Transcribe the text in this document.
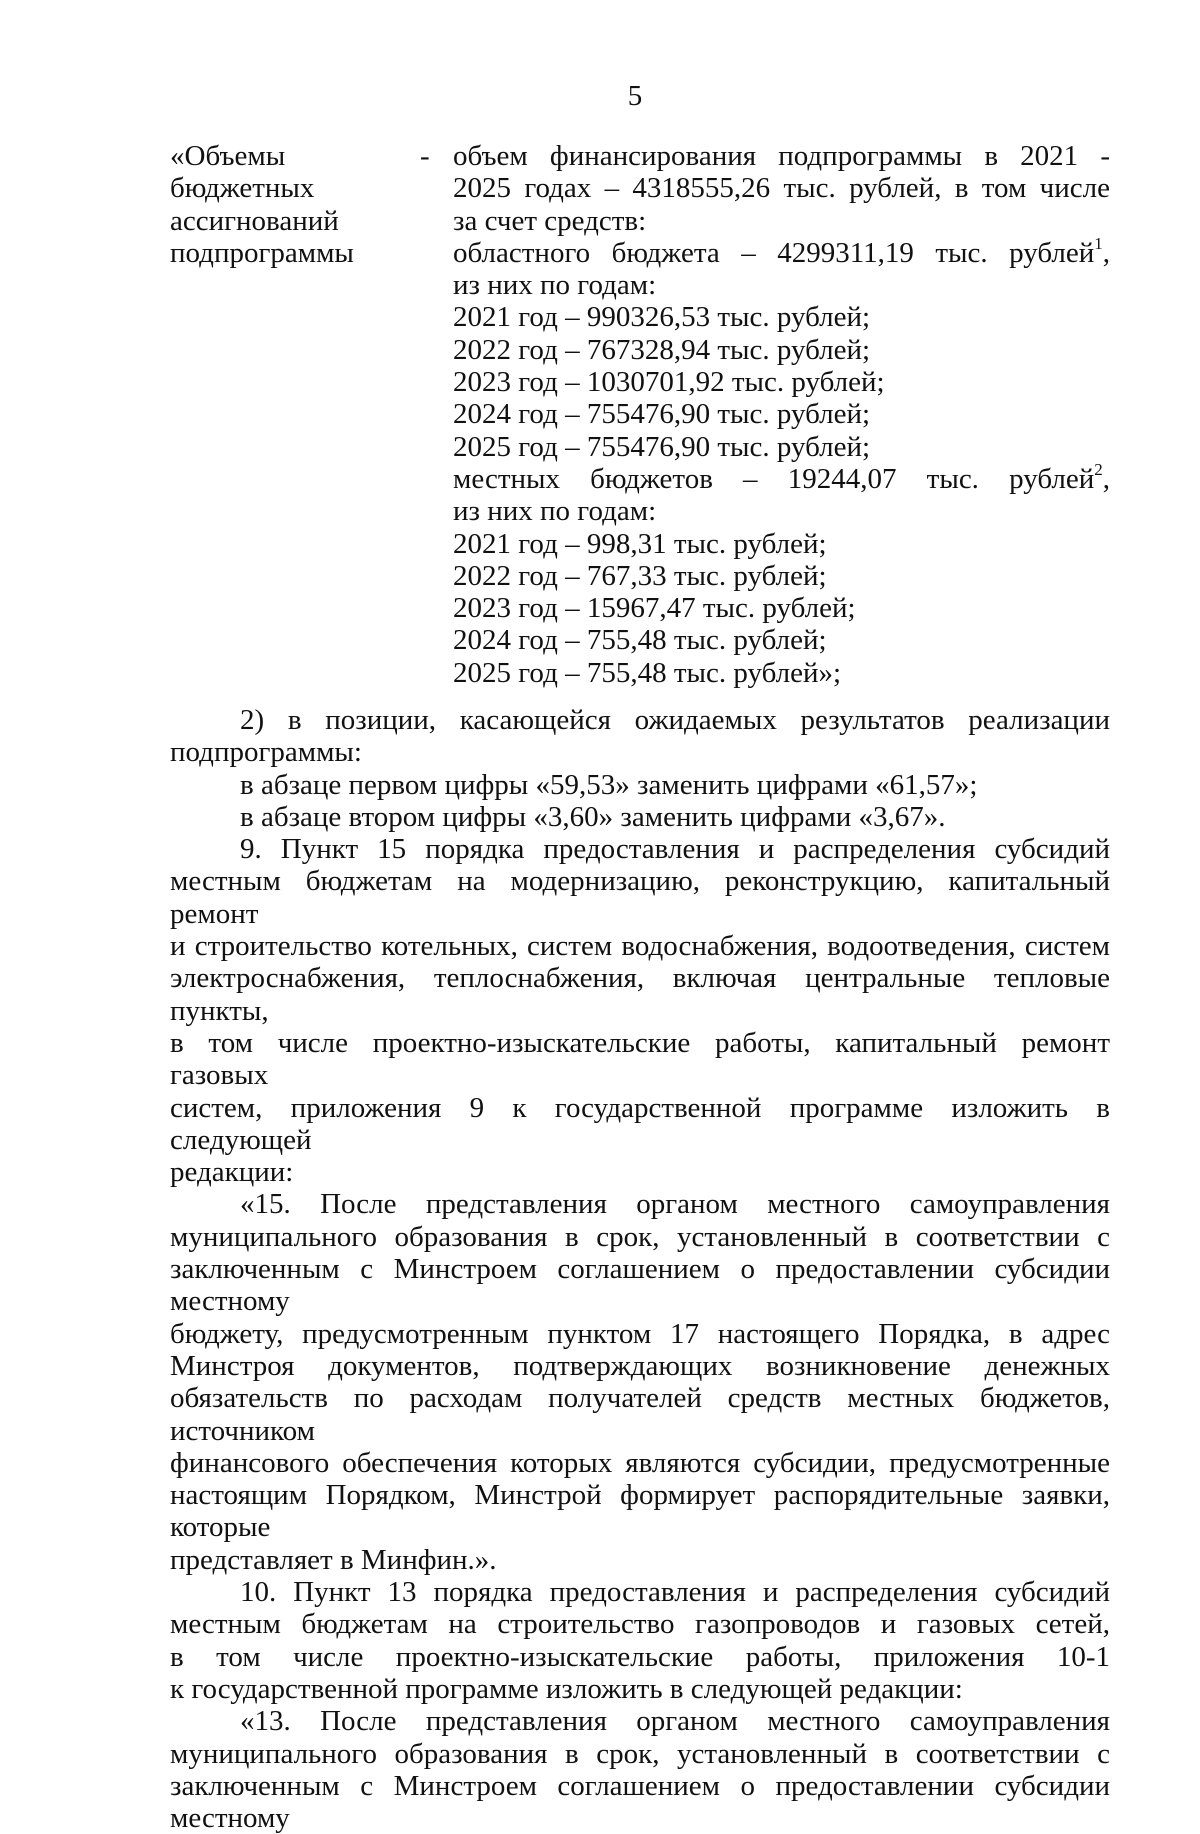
5
«Объемы
бюджетных
ассигнований
подпрограммы
- объем финансирования подпрограммы в 2021 -
2025 годах – 4318555,26 тыс. рублей, в том числе
за счет средств:
областного бюджета – 4299311,19 тыс. рублей$^1$,
из них по годам:
2021 год – 990326,53 тыс. рублей;
2022 год – 767328,94 тыс. рублей;
2023 год – 1030701,92 тыс. рублей;
2024 год – 755476,90 тыс. рублей;
2025 год – 755476,90 тыс. рублей;
местных бюджетов – 19244,07 тыс. рублей$^2$,
из них по годам:
2021 год – 998,31 тыс. рублей;
2022 год – 767,33 тыс. рублей;
2023 год – 15967,47 тыс. рублей;
2024 год – 755,48 тыс. рублей;
2025 год – 755,48 тыс. рублей»;
2) в позиции, касающейся ожидаемых результатов реализации
подпрограммы:
в абзаце первом цифры «59,53» заменить цифрами «61,57»;
в абзаце втором цифры «3,60» заменить цифрами «3,67».
9. Пункт 15 порядка предоставления и распределения субсидий
местным бюджетам на модернизацию, реконструкцию, капитальный ремонт
и строительство котельных, систем водоснабжения, водоотведения, систем
электроснабжения, теплоснабжения, включая центральные тепловые пункты,
в том числе проектно-изыскательские работы, капитальный ремонт газовых
систем, приложения 9 к государственной программе изложить в следующей
редакции:
«15. После представления органом местного самоуправления
муниципального образования в срок, установленный в соответствии с
заключенным с Минстроем соглашением о предоставлении субсидии местному
бюджету, предусмотренным пунктом 17 настоящего Порядка, в адрес
Минстроя документов, подтверждающих возникновение денежных
обязательств по расходам получателей средств местных бюджетов, источником
финансового обеспечения которых являются субсидии, предусмотренные
настоящим Порядком, Минстрой формирует распорядительные заявки, которые
представляет в Минфин.».
10. Пункт 13 порядка предоставления и распределения субсидий
местным бюджетам на строительство газопроводов и газовых сетей,
в том числе проектно-изыскательские работы, приложения 10-1
к государственной программе изложить в следующей редакции:
«13. После представления органом местного самоуправления
муниципального образования в срок, установленный в соответствии с
заключенным с Минстроем соглашением о предоставлении субсидии местному
